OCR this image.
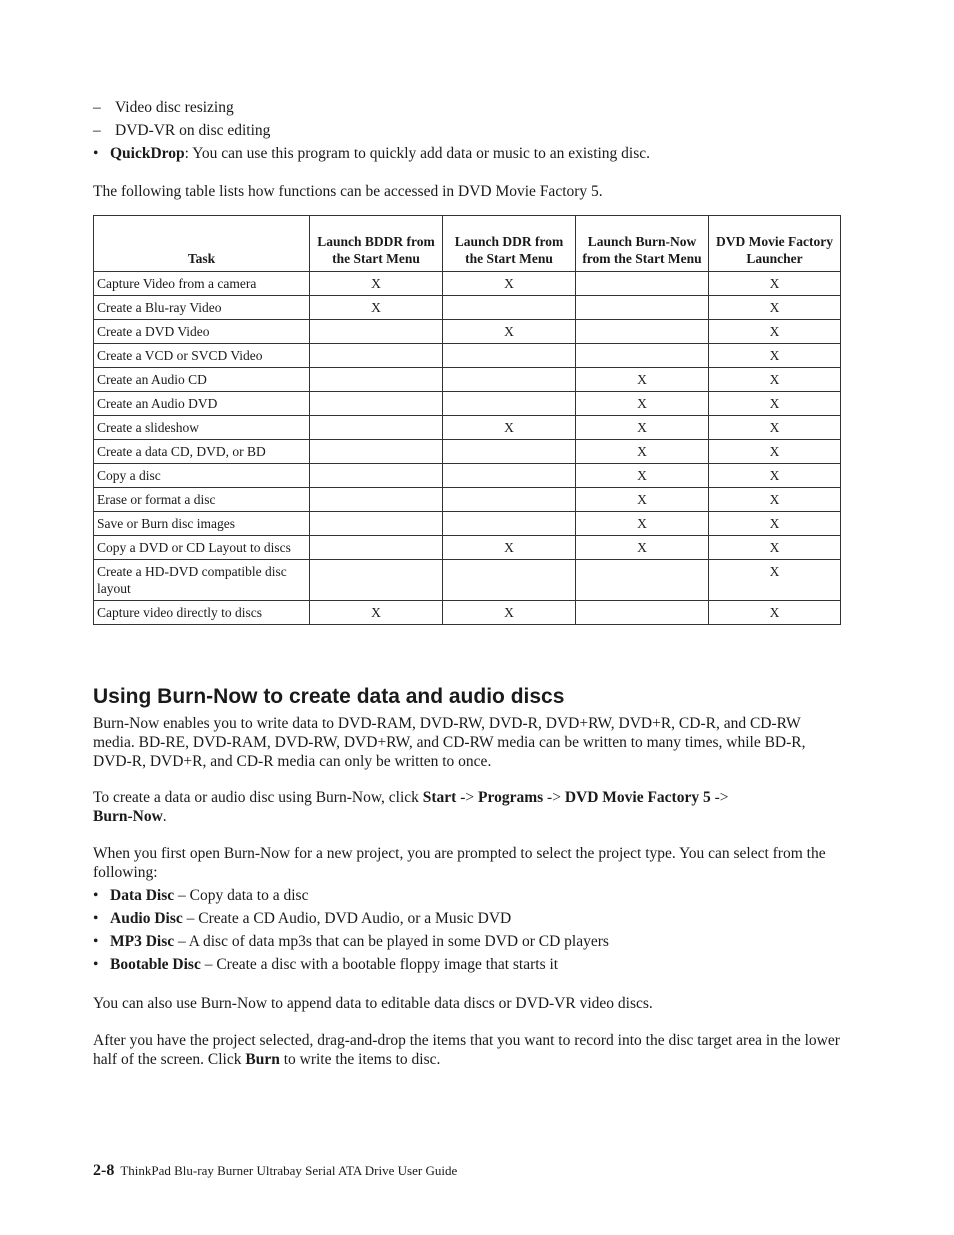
– Video disc resizing
– DVD-VR on disc editing
• QuickDrop: You can use this program to quickly add data or music to an existing disc.

The following table lists how functions can be accessed in DVD Movie Factory 5.

Task	Launch BDDR from the Start Menu	Launch DDR from the Start Menu	Launch Burn-Now from the Start Menu	DVD Movie Factory Launcher
Capture Video from a camera	X	X		X
Create a Blu-ray Video	X			X
Create a DVD Video		X		X
Create a VCD or SVCD Video				X
Create an Audio CD			X	X
Create an Audio DVD			X	X
Create a slideshow		X	X	X
Create a data CD, DVD, or BD			X	X
Copy a disc			X	X
Erase or format a disc			X	X
Save or Burn disc images			X	X
Copy a DVD or CD Layout to discs		X	X	X
Create a HD-DVD compatible disc layout				X
Capture video directly to discs	X	X		X
Using Burn-Now to create data and audio discs

Burn-Now enables you to write data to DVD-RAM, DVD-RW, DVD-R, DVD+RW, DVD+R, CD-R, and CD-RW media. BD-RE, DVD-RAM, DVD-RW, DVD+RW, and CD-RW media can be written to many times, while BD-R, DVD-R, DVD+R, and CD-R media can only be written to once.

To create a data or audio disc using Burn-Now, click Start -> Programs -> DVD Movie Factory 5 ->
Burn-Now.

When you first open Burn-Now for a new project, you are prompted to select the project type. You can select from the following:

• Data Disc – Copy data to a disc
• Audio Disc – Create a CD Audio, DVD Audio, or a Music DVD
• MP3 Disc – A disc of data mp3s that can be played in some DVD or CD players
• Bootable Disc – Create a disc with a bootable floppy image that starts it

You can also use Burn-Now to append data to editable data discs or DVD-VR video discs.

After you have the project selected, drag-and-drop the items that you want to record into the disc target area in the lower half of the screen. Click Burn to write the items to disc.

2-8 ThinkPad Blu-ray Burner Ultrabay Serial ATA Drive User Guide
